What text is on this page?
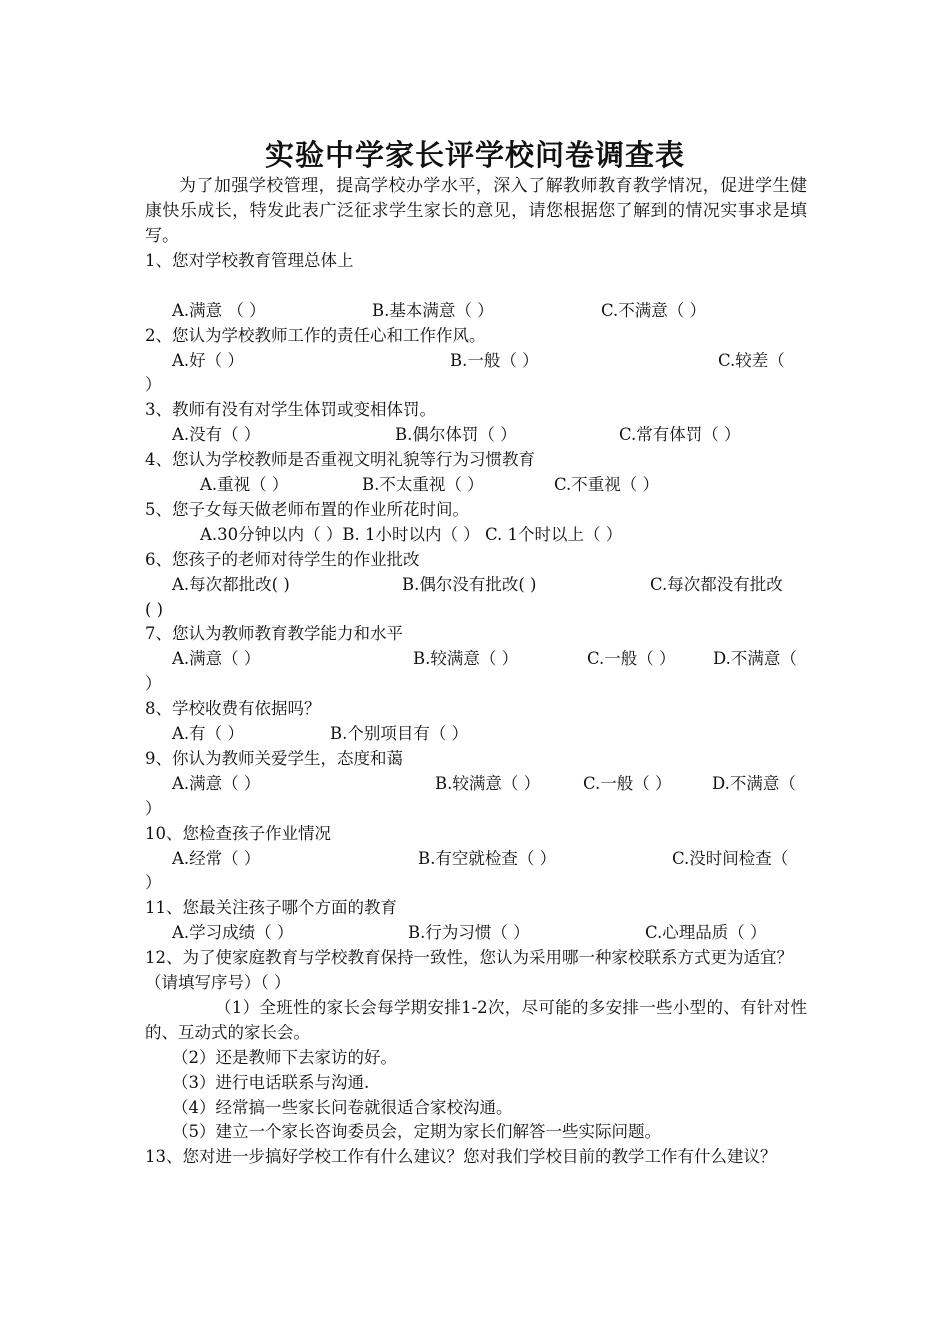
实验中学家长评学校问卷调查表

为了加强学校管理，提高学校办学水平，深入了解教师教育教学情况，促进学生健康快乐成长，特发此表广泛征求学生家长的意见，请您根据您了解到的情况实事求是填写。

1、您对学校教育管理总体上
A.满意 （ ）	B.基本满意（ ）	C.不满意（ ）
2、您认为学校教师工作的责任心和工作作风。
A.好（ ）	B.一般（ ）	C.较差（
）
3、教师有没有对学生体罚或变相体罚。
A.没有（ ）	B.偶尔体罚（ ）	C.常有体罚（ ）
4、您认为学校教师是否重视文明礼貌等行为习惯教育
A.重视（ ）	B.不太重视（ ）	C.不重视（ ）
5、您子女每天做老师布置的作业所花时间。
A.30分钟以内（ ）B. 1小时以内（ ） C. 1个时以上（ ）
6、您孩子的老师对待学生的作业批改
A.每次都批改( )	B.偶尔没有批改( )	C.每次都没有批改
( )
7、您认为教师教育教学能力和水平
A.满意（ ）	B.较满意（ ）	C.一般（ ） D.不满意（
）
8、学校收费有依据吗？
A.有（ ）	B.个别项目有（ ）
9、你认为教师关爱学生，态度和蔼
A.满意（ ）	B.较满意（ ）	C.一般（ ） D.不满意（
）
10、您检查孩子作业情况
A.经常（ ）	B.有空就检查（ ）	C.没时间检查（
）
11、您最关注孩子哪个方面的教育
A.学习成绩（ ）	B.行为习惯（ ）	C.心理品质（ ）
12、为了使家庭教育与学校教育保持一致性，您认为采用哪一种家校联系方式更为适宜？（请填写序号）（ ）
（1）全班性的家长会每学期安排1-2次，尽可能的多安排一些小型的、有针对性的、互动式的家长会。
（2）还是教师下去家访的好。
（3）进行电话联系与沟通.
（4）经常搞一些家长问卷就很适合家校沟通。
（5）建立一个家长咨询委员会，定期为家长们解答一些实际问题。
13、您对进一步搞好学校工作有什么建议？您对我们学校目前的教学工作有什么建议？
